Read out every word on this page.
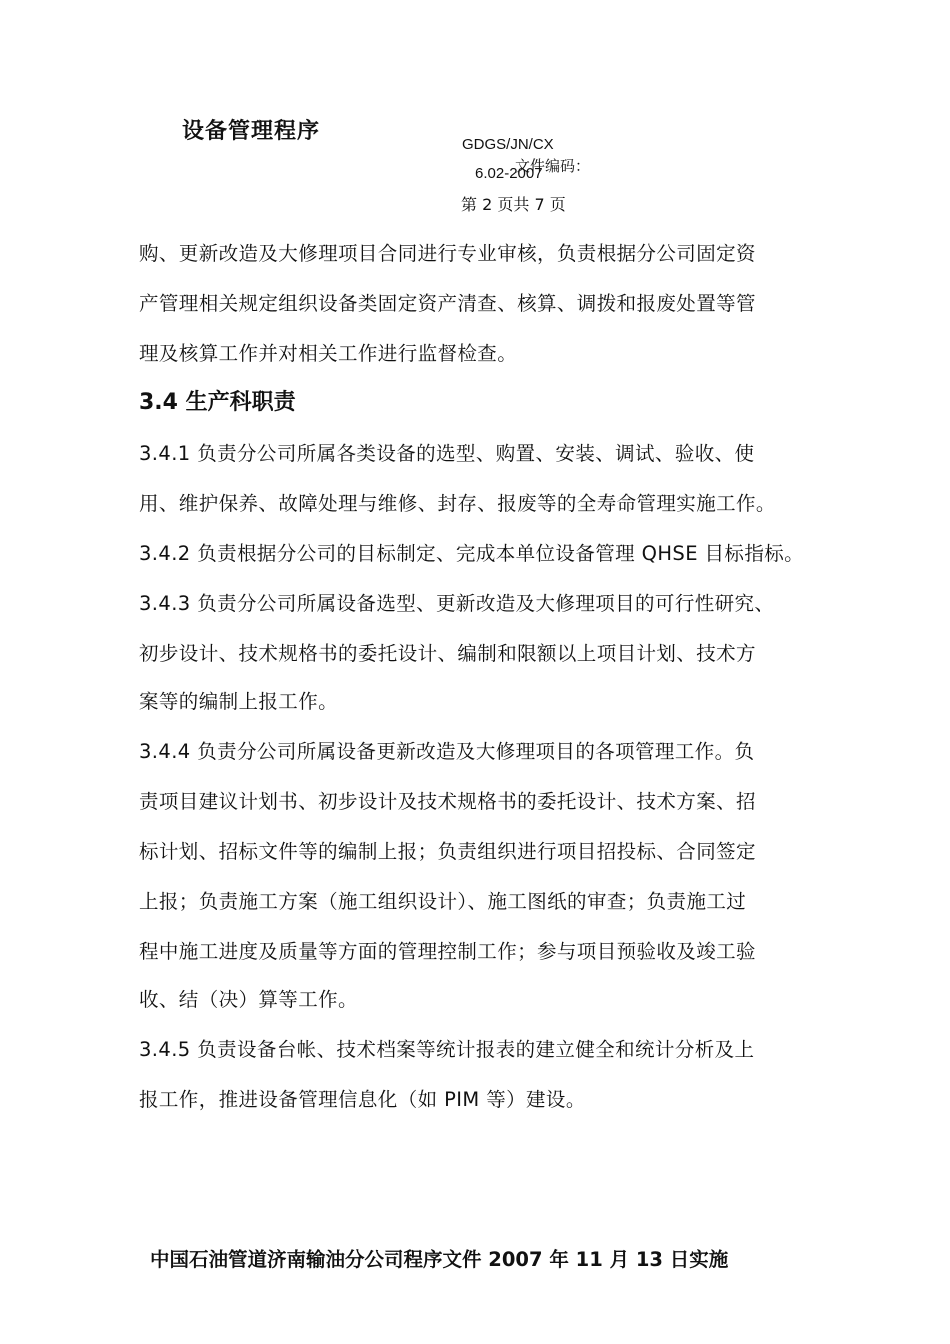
设备管理程序
GDGS/JN/CX
文件编码：
6.02-2007
第 2 页共 7 页
购、更新改造及大修理项目合同进行专业审核，负责根据分公司固定资
产管理相关规定组织设备类固定资产清查、核算、调拨和报废处置等管
理及核算工作并对相关工作进行监督检查。
3.4 生产科职责
3.4.1 负责分公司所属各类设备的选型、购置、安装、调试、验收、使
用、维护保养、故障处理与维修、封存、报废等的全寿命管理实施工作。
3.4.2 负责根据分公司的目标制定、完成本单位设备管理 QHSE 目标指标。
3.4.3 负责分公司所属设备选型、更新改造及大修理项目的可行性研究、
初步设计、技术规格书的委托设计、编制和限额以上项目计划、技术方
案等的编制上报工作。
3.4.4 负责分公司所属设备更新改造及大修理项目的各项管理工作。负
责项目建议计划书、初步设计及技术规格书的委托设计、技术方案、招
标计划、招标文件等的编制上报；负责组织进行项目招投标、合同签定
上报；负责施工方案（施工组织设计）、施工图纸的审查；负责施工过
程中施工进度及质量等方面的管理控制工作；参与项目预验收及竣工验
收、结（决）算等工作。
3.4.5 负责设备台帐、技术档案等统计报表的建立健全和统计分析及上
报工作，推进设备管理信息化（如 PIM 等）建设。
中国石油管道济南输油分公司程序文件 2007 年 11 月 13 日实施
